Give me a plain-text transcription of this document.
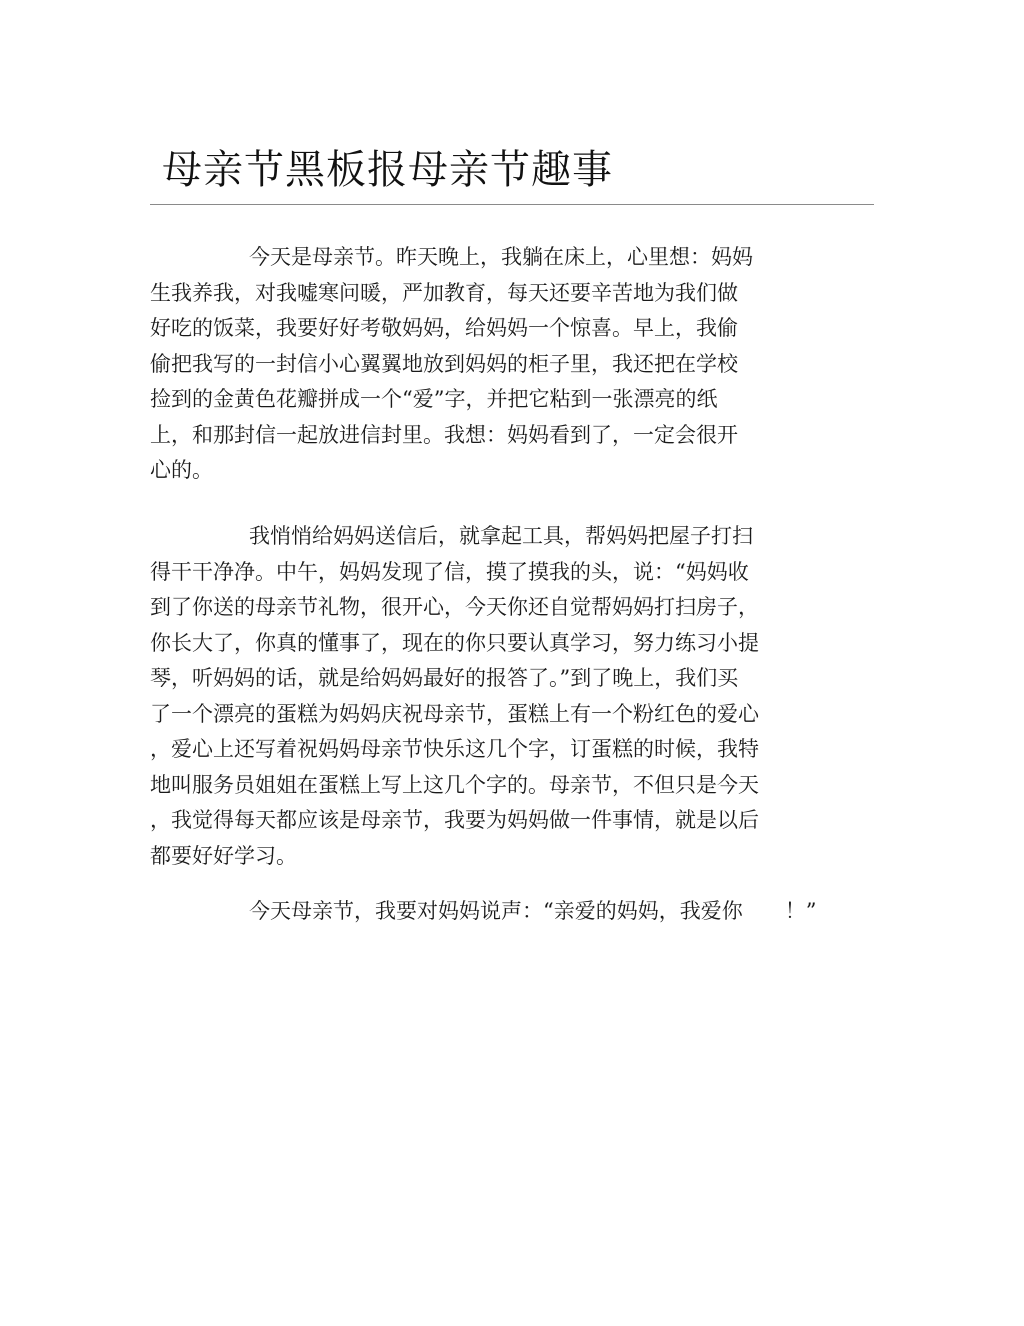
母亲节黑板报母亲节趣事
今天是母亲节。昨天晚上，我躺在床上，心里想：妈妈
生我养我，对我嘘寒问暖，严加教育，每天还要辛苦地为我们做
好吃的饭菜，我要好好考敬妈妈，给妈妈一个惊喜。早上，我偷
偷把我写的一封信小心翼翼地放到妈妈的柜子里，我还把在学校
捡到的金黄色花瓣拼成一个“爱”字，并把它粘到一张漂亮的纸
上，和那封信一起放进信封里。我想：妈妈看到了，一定会很开
心的。
我悄悄给妈妈送信后，就拿起工具，帮妈妈把屋子打扫
得干干净净。中午，妈妈发现了信，摸了摸我的头，说：“妈妈收
到了你送的母亲节礼物，很开心，今天你还自觉帮妈妈打扫房子，
你长大了，你真的懂事了，现在的你只要认真学习，努力练习小提
琴，听妈妈的话，就是给妈妈最好的报答了。”到了晚上，我们买
了一个漂亮的蛋糕为妈妈庆祝母亲节，蛋糕上有一个粉红色的爱心
，爱心上还写着祝妈妈母亲节快乐这几个字，订蛋糕的时候，我特
地叫服务员姐姐在蛋糕上写上这几个字的。母亲节，不但只是今天
，我觉得每天都应该是母亲节，我要为妈妈做一件事情，就是以后
都要好好学习。
今天母亲节，我要对妈妈说声：“亲爱的妈妈，我爱你　　！”
